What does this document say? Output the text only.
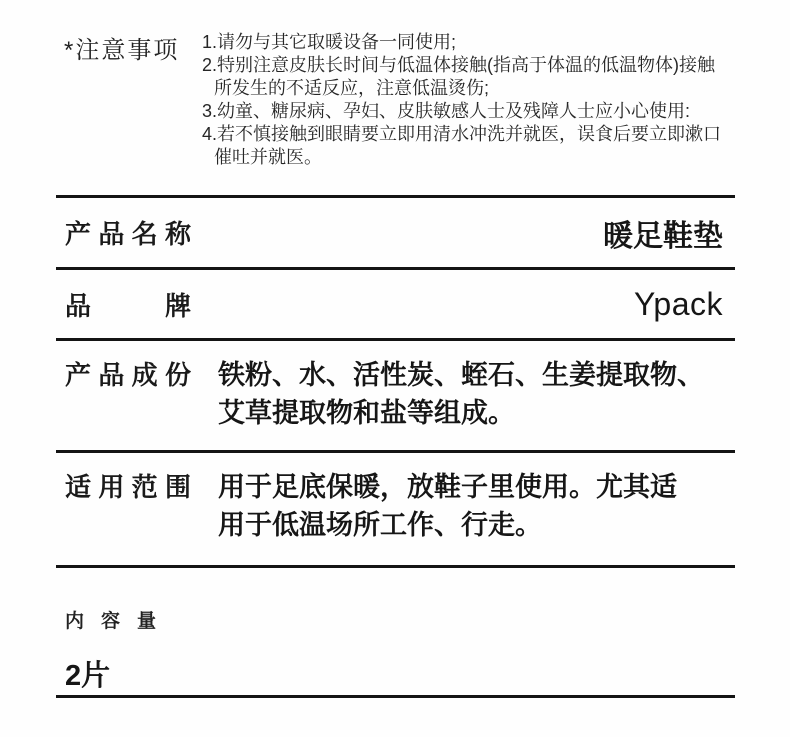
*注意事项 1.请勿与其它取暖设备一同使用;
2.特别注意皮肤长时间与低温体接触(指高于体温的低温物体)接触
所发生的不适反应，注意低温烫伤;
3.幼童、糖尿病、孕妇、皮肤敏感人士及残障人士应小心使用:
4.若不慎接触到眼睛要立即用清水冲洗并就医，误食后要立即漱口
催吐并就医。
产品名称	暖足鞋垫
品牌	Ypack
产品成份 铁粉、水、活性炭、蛭石、生姜提取物、
艾草提取物和盐等组成。
适用范围 用于足底保暖，放鞋子里使用。尤其适
用于低温场所工作、行走。
内容量
2片
